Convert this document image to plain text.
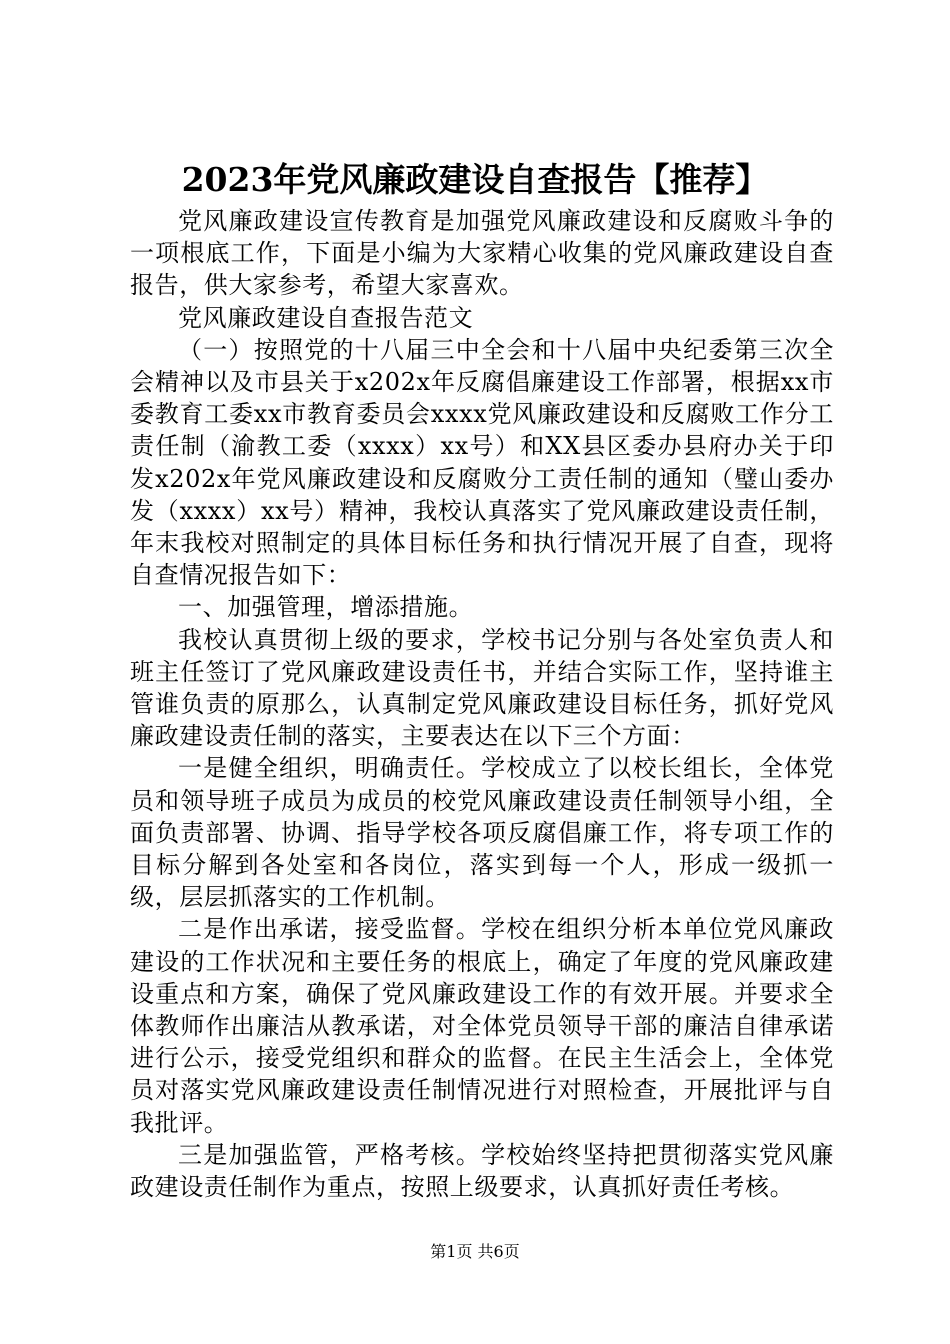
2023年党风廉政建设自查报告【推荐】

党风廉政建设宣传教育是加强党风廉政建设和反腐败斗争的一项根底工作，下面是小编为大家精心收集的党风廉政建设自查报告，供大家参考，希望大家喜欢。

党风廉政建设自查报告范文

（一）按照党的十八届三中全会和十八届中央纪委第三次全会精神以及市县关于x202x年反腐倡廉建设工作部署，根据xx市委教育工委xx市教育委员会xxxx党风廉政建设和反腐败工作分工责任制（渝教工委（xxxx）xx号）和XX县区委办县府办关于印发x202x年党风廉政建设和反腐败分工责任制的通知（璧山委办发（xxxx）xx号）精神，我校认真落实了党风廉政建设责任制，年末我校对照制定的具体目标任务和执行情况开展了自查，现将自查情况报告如下：

一、加强管理，增添措施。

我校认真贯彻上级的要求，学校书记分别与各处室负责人和班主任签订了党风廉政建设责任书，并结合实际工作，坚持谁主管谁负责的原那么，认真制定党风廉政建设目标任务，抓好党风廉政建设责任制的落实，主要表达在以下三个方面：

一是健全组织，明确责任。学校成立了以校长组长，全体党员和领导班子成员为成员的校党风廉政建设责任制领导小组，全面负责部署、协调、指导学校各项反腐倡廉工作，将专项工作的目标分解到各处室和各岗位，落实到每一个人，形成一级抓一级，层层抓落实的工作机制。

二是作出承诺，接受监督。学校在组织分析本单位党风廉政建设的工作状况和主要任务的根底上，确定了年度的党风廉政建设重点和方案，确保了党风廉政建设工作的有效开展。并要求全体教师作出廉洁从教承诺，对全体党员领导干部的廉洁自律承诺进行公示，接受党组织和群众的监督。在民主生活会上，全体党员对落实党风廉政建设责任制情况进行对照检查，开展批评与自我批评。

三是加强监管，严格考核。学校始终坚持把贯彻落实党风廉政建设责任制作为重点，按照上级要求，认真抓好责任考核。

第1页 共6页
